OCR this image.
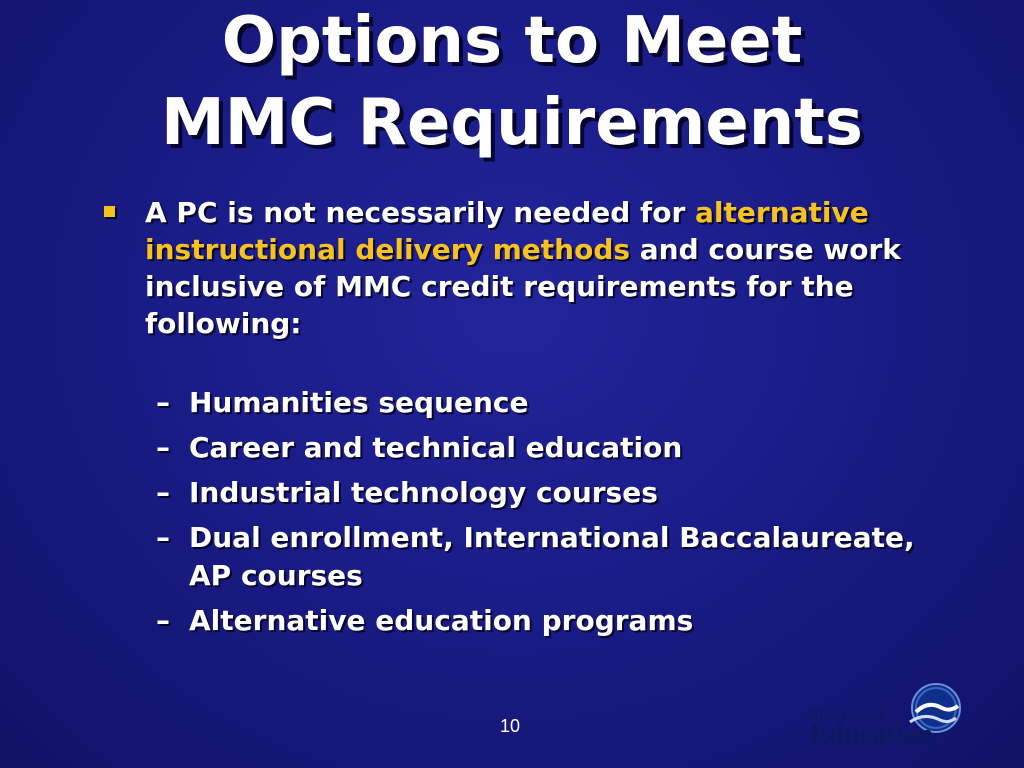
Options to Meet
MMC Requirements
A PC is not necessarily needed for alternative instructional delivery methods and course work inclusive of MMC credit requirements for the following:
– Humanities sequence
– Career and technical education
– Industrial technology courses
– Dual enrollment, International Baccalaureate, AP courses
– Alternative education programs
10
MICHIGAN
Education
